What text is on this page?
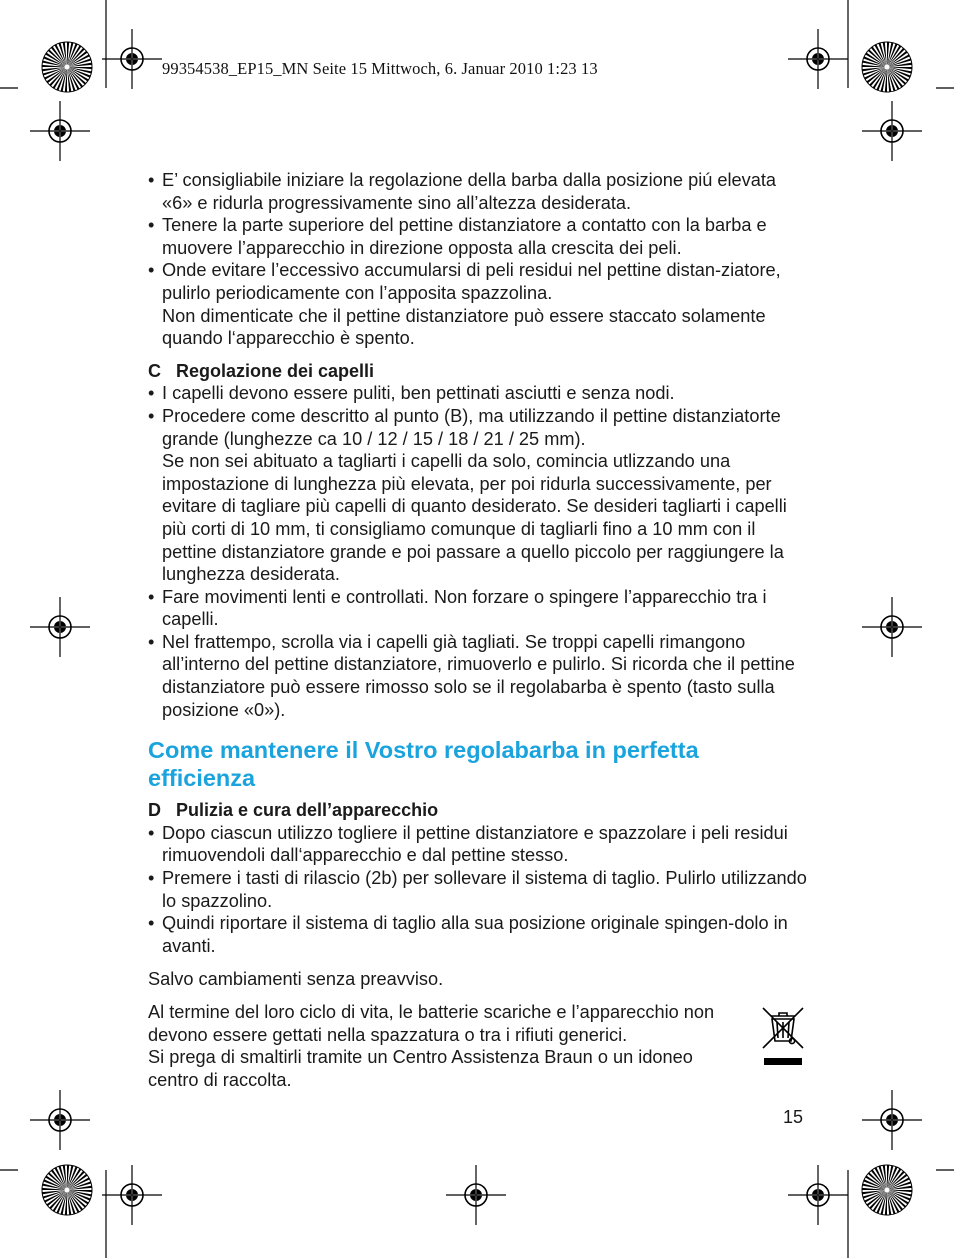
99354538_EP15_MN Seite 15 Mittwoch, 6. Januar 2010 1:23 13
• E’ consigliabile iniziare la regolazione della barba dalla posizione piú elevata «6» e ridurla progressivamente sino all’altezza desiderata.
• Tenere la parte superiore del pettine distanziatore a contatto con la barba e muovere l’apparecchio in direzione opposta alla crescita dei peli.
• Onde evitare l’eccessivo accumularsi di peli residui nel pettine distan-ziatore, pulirlo periodicamente con l’apposita spazzolina.
Non dimenticate che il pettine distanziatore può essere staccato solamente quando l‘apparecchio è spento.
C Regolazione dei capelli
• I capelli devono essere puliti, ben pettinati asciutti e senza nodi.
• Procedere come descritto al punto (B), ma utilizzando il pettine distanziatorte grande (lunghezze ca 10 / 12 / 15 / 18 / 21 / 25 mm).
Se non sei abituato a tagliarti i capelli da solo, comincia utlizzando una impostazione di lunghezza più elevata, per poi ridurla successivamente, per evitare di tagliare più capelli di quanto desiderato. Se desideri tagliarti i capelli più corti di 10 mm, ti consigliamo comunque di tagliarli fino a 10 mm con il pettine distanziatore grande e poi passare a quello piccolo per raggiungere la lunghezza desiderata.
• Fare movimenti lenti e controllati. Non forzare o spingere l’apparecchio tra i capelli.
• Nel frattempo, scrolla via i capelli già tagliati. Se troppi capelli rimangono all’interno del pettine distanziatore, rimuoverlo e pulirlo. Si ricorda che il pettine distanziatore può essere rimosso solo se il regolabarba è spento (tasto sulla posizione «0»).
Come mantenere il Vostro regolabarba in perfetta efficienza
D Pulizia e cura dell’apparecchio
• Dopo ciascun utilizzo togliere il pettine distanziatore e spazzolare i peli residui rimuovendoli dall‘apparecchio e dal pettine stesso.
• Premere i tasti di rilascio (2b) per sollevare il sistema di taglio. Pulirlo utilizzando lo spazzolino.
• Quindi riportare il sistema di taglio alla sua posizione originale spingen-dolo in avanti.
Salvo cambiamenti senza preavviso.
Al termine del loro ciclo di vita, le batterie scariche e l’apparecchio non devono essere gettati nella spazzatura o tra i rifiuti generici.
Si prega di smaltirli tramite un Centro Assistenza Braun o un idoneo centro di raccolta.
15
